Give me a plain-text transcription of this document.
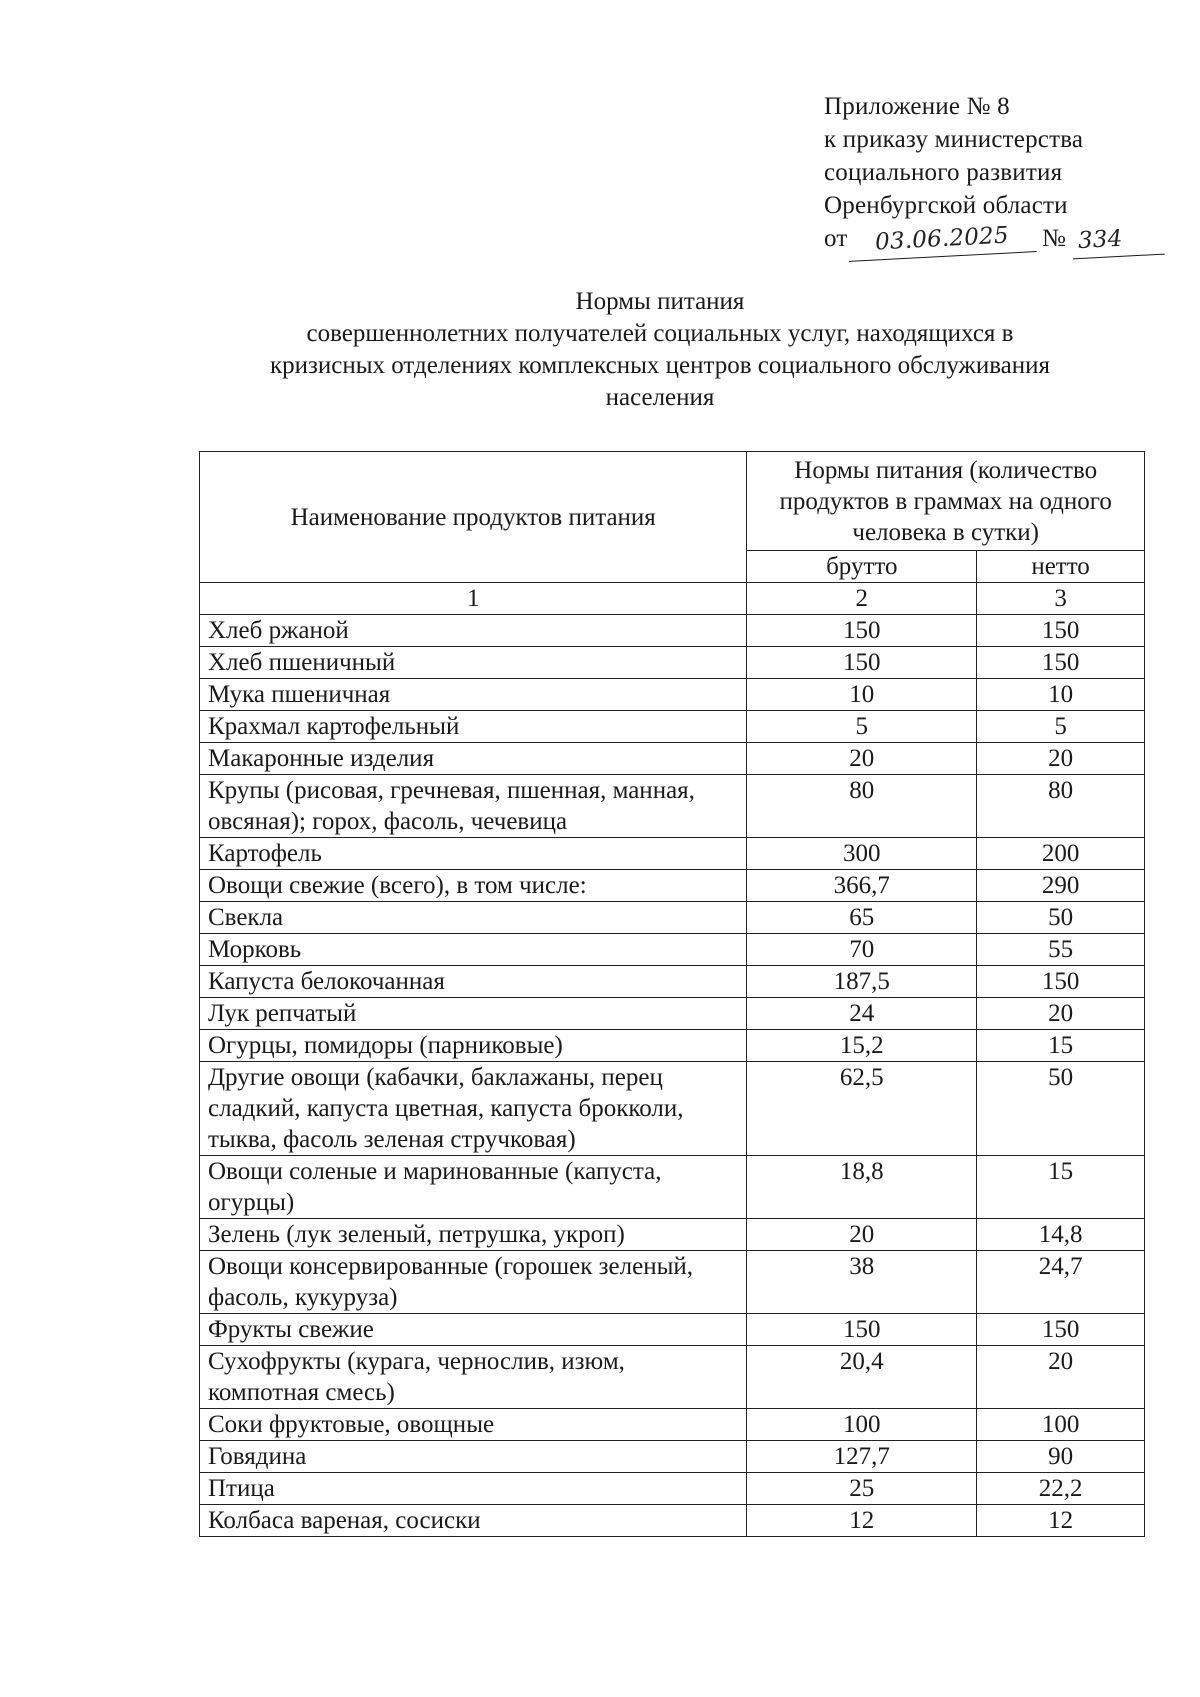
Приложение № 8
к приказу министерства
социального развития
Оренбургской области
от 03.06.2025 № 334
Нормы питания
совершеннолетних получателей социальных услуг, находящихся в
кризисных отделениях комплексных центров социального обслуживания
населения
Наименование продуктов питания	Нормы питания (количество продуктов в граммах на одного человека в сутки)	
	брутто	нетто
1	2	3
Хлеб ржаной	150	150
Хлеб пшеничный	150	150
Мука пшеничная	10	10
Крахмал картофельный	5	5
Макаронные изделия	20	20
Крупы (рисовая, гречневая, пшенная, манная, овсяная); горох, фасоль, чечевица	80	80
Картофель	300	200
Овощи свежие (всего), в том числе:	366,7	290
Свекла	65	50
Морковь	70	55
Капуста белокочанная	187,5	150
Лук репчатый	24	20
Огурцы, помидоры (парниковые)	15,2	15
Другие овощи (кабачки, баклажаны, перец сладкий, капуста цветная, капуста брокколи, тыква, фасоль зеленая стручковая)	62,5	50
Овощи соленые и маринованные (капуста, огурцы)	18,8	15
Зелень (лук зеленый, петрушка, укроп)	20	14,8
Овощи консервированные (горошек зеленый, фасоль, кукуруза)	38	24,7
Фрукты свежие	150	150
Сухофрукты (курага, чернослив, изюм, компотная смесь)	20,4	20
Соки фруктовые, овощные	100	100
Говядина	127,7	90
Птица	25	22,2
Колбаса вареная, сосиски	12	12
